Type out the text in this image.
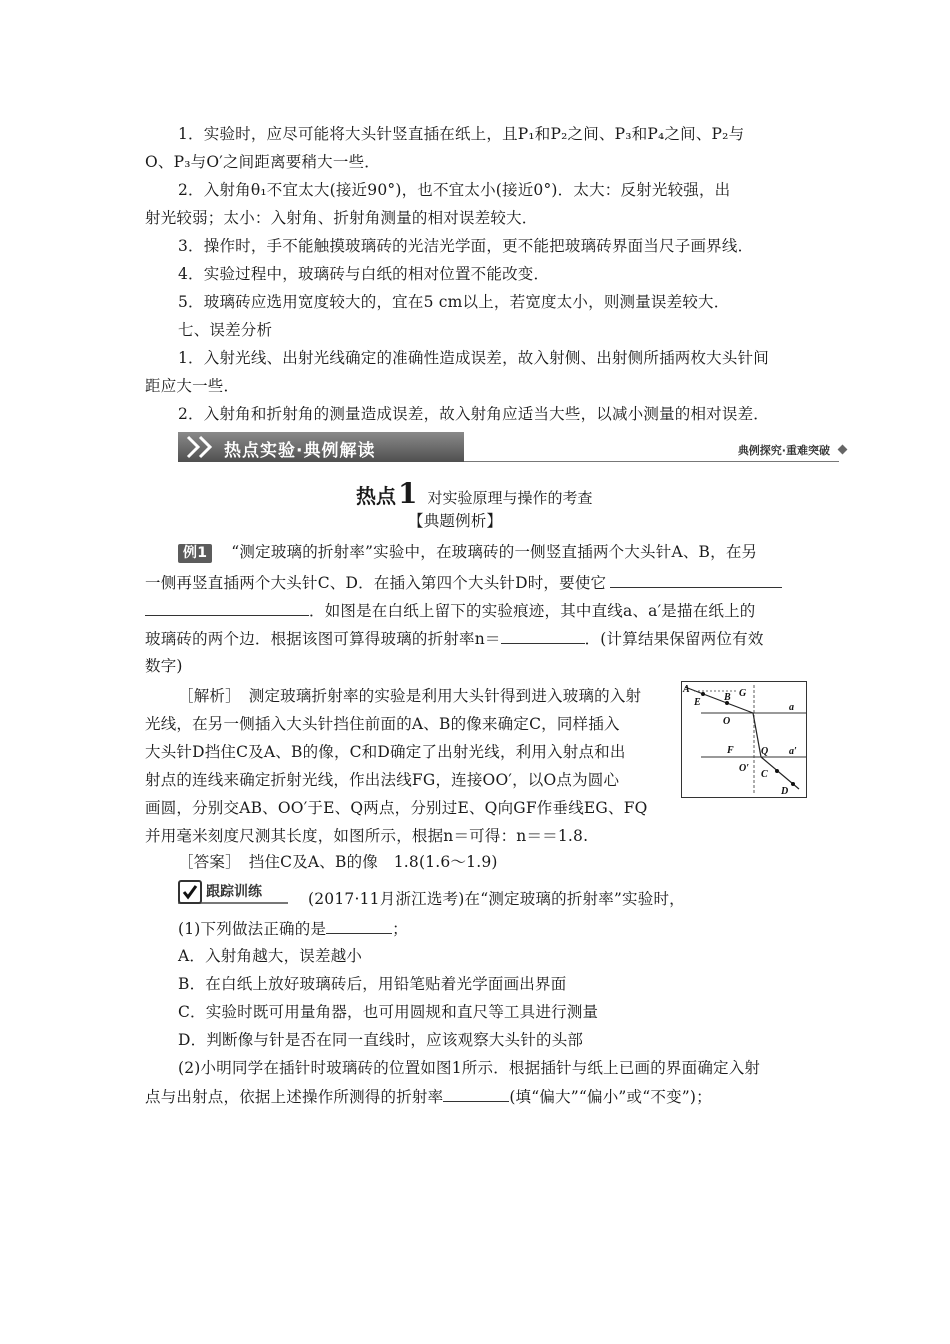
1．实验时，应尽可能将大头针竖直插在纸上，且P₁和P₂之间、P₃和P₄之间、P₂与
O、P₃与O′之间距离要稍大一些．
2．入射角θ₁不宜太大(接近90°)，也不宜太小(接近0°)．太大：反射光较强，出
射光较弱；太小：入射角、折射角测量的相对误差较大．
3．操作时，手不能触摸玻璃砖的光洁光学面，更不能把玻璃砖界面当尺子画界线．
4．实验过程中，玻璃砖与白纸的相对位置不能改变．
5．玻璃砖应选用宽度较大的，宜在5 cm以上，若宽度太小，则测量误差较大．
七、误差分析
1．入射光线、出射光线确定的准确性造成误差，故入射侧、出射侧所插两枚大头针间
距应大一些．
2．入射角和折射角的测量造成误差，故入射角应适当大些，以减小测量的相对误差．
热点实验·典例解读	典例探究·重难突破
热点1 对实验原理与操作的考查
【典题例析】
例1 “测定玻璃的折射率”实验中，在玻璃砖的一侧竖直插两个大头针A、B，在另
一侧再竖直插两个大头针C、D．在插入第四个大头针D时，要使它
．如图是在白纸上留下的实验痕迹，其中直线a、a′是描在纸上的
玻璃砖的两个边．根据该图可算得玻璃的折射率n＝	．(计算结果保留两位有效
数字)
［解析］　测定玻璃折射率的实验是利用大头针得到进入玻璃的入射
光线，在另一侧插入大头针挡住前面的A、B的像来确定C，同样插入
大头针D挡住C及A、B的像，C和D确定了出射光线，利用入射点和出
射点的连线来确定折射光线，作出法线FG，连接OO′，以O点为圆心
画圆，分别交AB、OO′于E、Q两点，分别过E、Q向GF作垂线EG、FQ
并用毫米刻度尺测其长度，如图所示，根据n＝可得：n＝＝1.8.
［答案］　挡住C及A、B的像　1.8(1.6～1.9)
A
B
E
G
O
a
F	Q a′
O′
C
D
跟踪训练	(2017·11月浙江选考)在“测定玻璃的折射率”实验时，
(1)下列做法正确的是	；
A．入射角越大，误差越小
B．在白纸上放好玻璃砖后，用铅笔贴着光学面画出界面
C．实验时既可用量角器，也可用圆规和直尺等工具进行测量
D．判断像与针是否在同一直线时，应该观察大头针的头部
(2)小明同学在插针时玻璃砖的位置如图1所示．根据插针与纸上已画的界面确定入射
点与出射点，依据上述操作所测得的折射率	(填“偏大”“偏小”或“不变”)；
